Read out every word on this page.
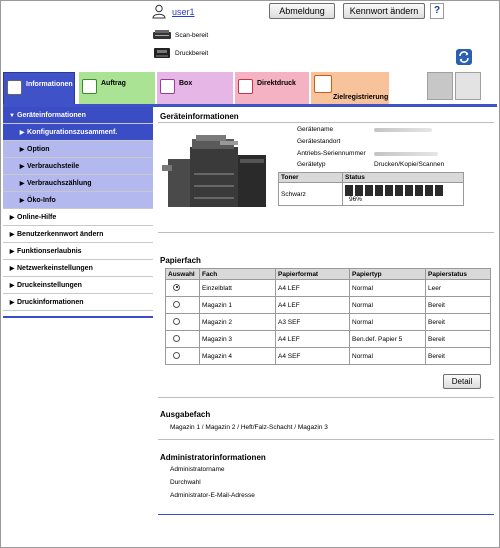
user1	Abmeldung	Kennwort ändern	?
Scan-bereit
Druckbereit
Informationen	Auftrag	Box	Direktdruck
Zielregistrierung
▼ Geräteinformationen
▶ Konfigurationszusammenf.
▶ Option
▶ Verbrauchsteile
▶ Verbrauchszählung
▶ Öko-Info
▶ Online-Hilfe
▶ Benutzerkennwort ändern
▶ Funktionserlaubnis
▶ Netzwerkeinstellungen
▶ Druckeinstellungen
▶ Druckinformationen
Geräteinformationen
Gerätename
Gerätestandort
Antriebs-Seriennummer
Gerätetyp	Drucken/Kopie/Scannen
Toner	Status
Schwarz	96%
Papierfach
Auswahl	Fach	Papierformat	Papiertyp	Papierstatus
	Einzelblatt	A4 LEF	Normal	Leer
	Magazin 1	A4 LEF	Normal	Bereit
	Magazin 2	A3 SEF	Normal	Bereit
	Magazin 3	A4 LEF	Ben.def. Papier 5	Bereit
	Magazin 4	A4 SEF	Normal	Bereit
Detail
Ausgabefach
Magazin 1 / Magazin 2 / Heft/Falz-Schacht / Magazin 3
Administratorinformationen
Administratorname
Durchwahl
Administrator-E-Mail-Adresse
